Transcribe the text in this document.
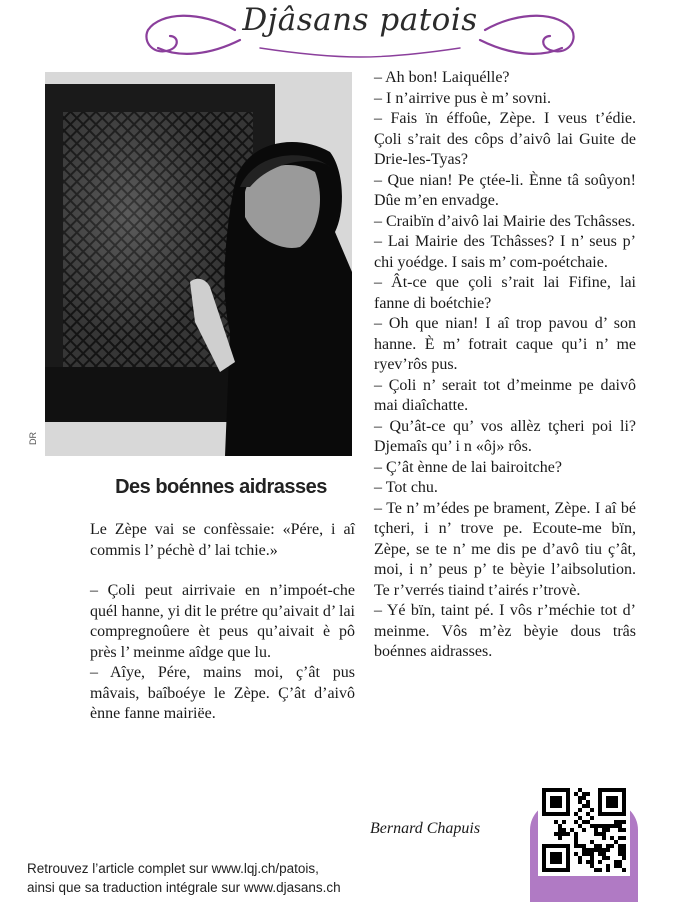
Djâsans patois
DR
Des boénnes aidrasses

Le Zèpe vai se confèssaie: «Pére, i aî commis l’ péchè d’ lai tchie.»

– Çoli peut airrivaie en n’impoét-che quél hanne, yi dit le prétre qu’aivait d’ lai compregnoûere èt peus qu’aivait è pô près l’ meinme aîdge que lu.

– Aîye, Pére, mains moi, ç’ât pus mâvais, baîboéye le Zèpe. Ç’ât d’aivô ènne fanne mairiëe.

– Ah bon! Laiquélle?

– I n’airrive pus è m’ sovni.

– Fais ïn éffoûe, Zèpe. I veus t’édie. Çoli s’rait des côps d’aivô lai Guite de Drie-les-Tyas?

– Que nian! Pe çtée-li. Ènne tâ soûyon! Dûe m’en envadge.

– Craibïn d’aivô lai Mairie des Tchâsses.

– Lai Mairie des Tchâsses? I n’ seus p’ chi yoédge. I sais m’ com-poétchaie.

– Ât-ce que çoli s’rait lai Fifine, lai fanne di boétchie?

– Oh que nian! I aî trop pavou d’ son hanne. È m’ fotrait caque qu’i n’ me ryev’rôs pus.

– Çoli n’ serait tot d’meinme pe daivô mai diaîchatte.

– Qu’ât-ce qu’ vos allèz tçheri poi li? Djemaîs qu’ i n «ôj» rôs.

– Ç’ât ènne de lai bairoitche?

– Tot chu.

– Te n’ m’édes pe brament, Zèpe. I aî bé tçheri, i n’ trove pe. Ecoute-me bïn, Zèpe, se te n’ me dis pe d’avô tiu ç’ât, moi, i n’ peus p’ te bèyie l’aibsolution. Te r’verrés tiaind t’airés r’trovè.

– Yé bïn, taint pé. I vôs r’méchie tot d’ meinme. Vôs m’èz bèyie dous trâs boénnes aidrasses.

Bernard Chapuis
Retrouvez l’article complet sur www.lqj.ch/patois,
ainsi que sa traduction intégrale sur www.djasans.ch
